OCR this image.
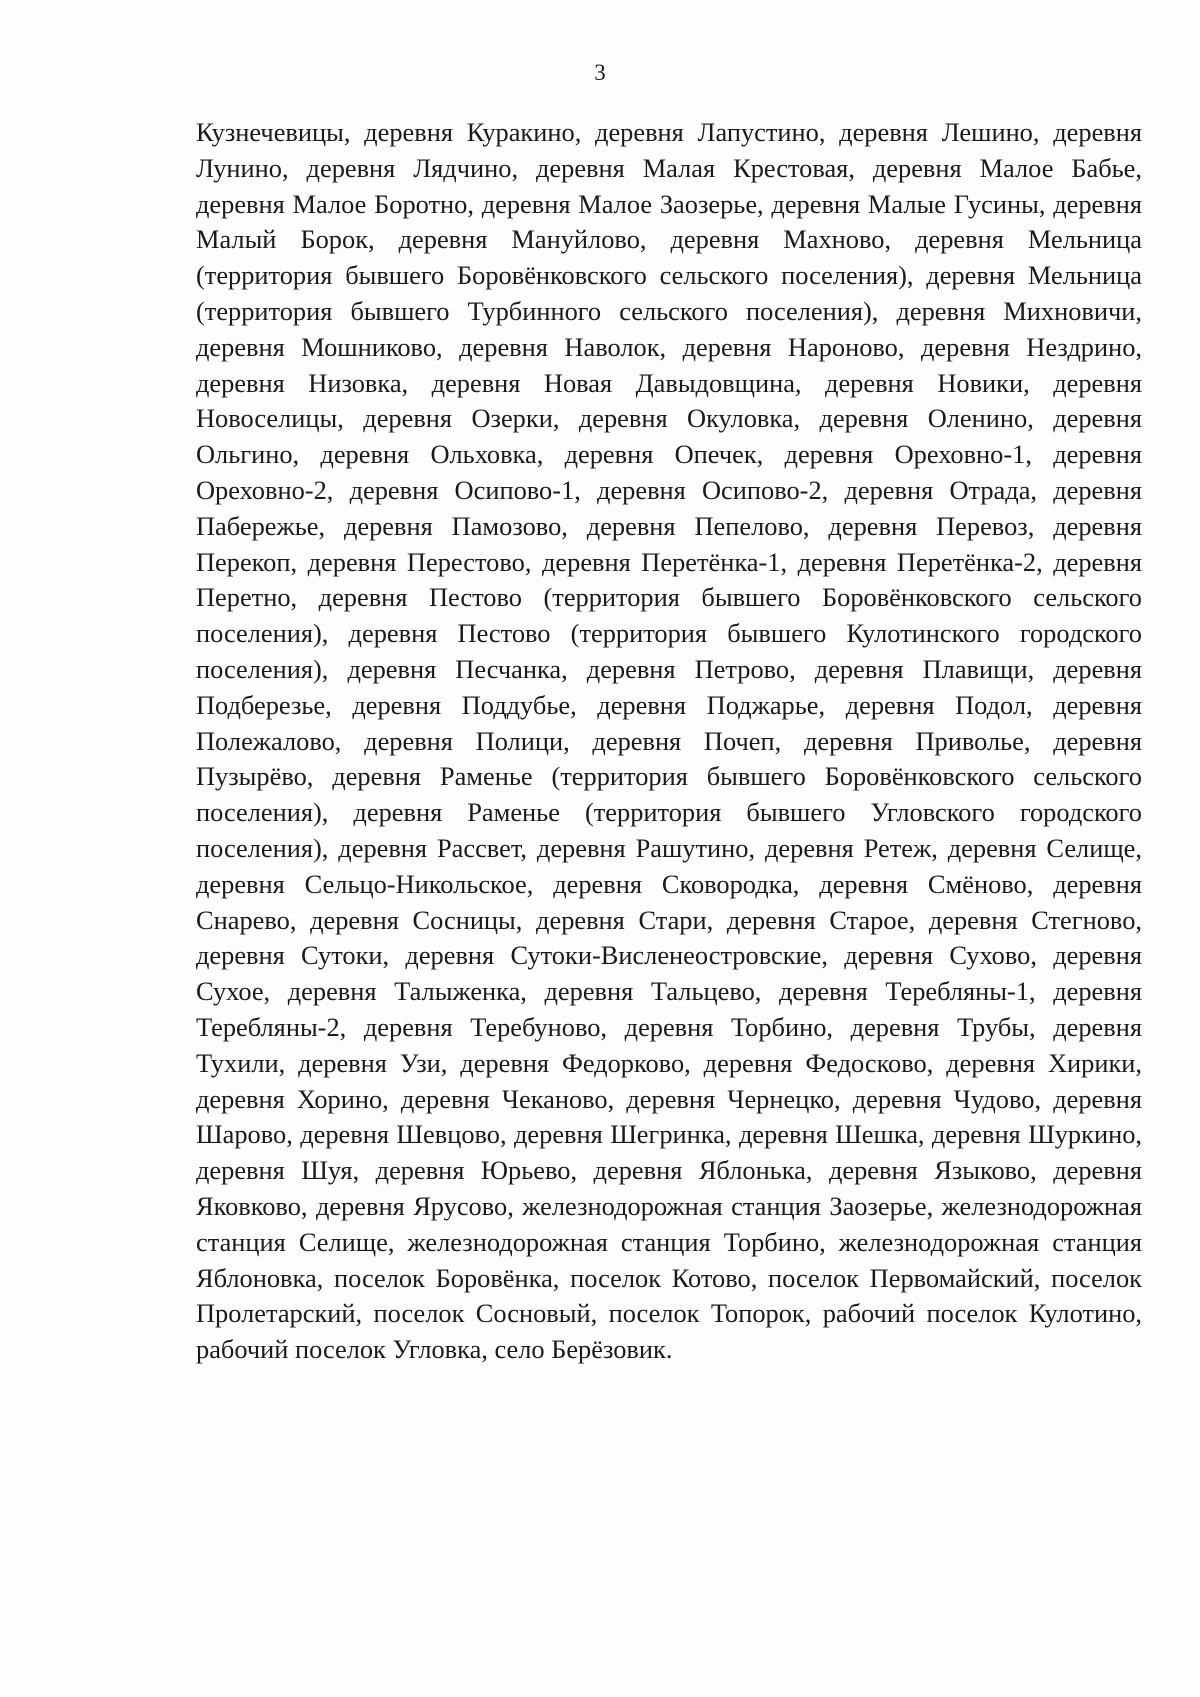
3

Кузнечевицы, деревня Куракино, деревня Лапустино, деревня Лешино, деревня Лунино, деревня Лядчино, деревня Малая Крестовая, деревня Малое Бабье, деревня Малое Боротно, деревня Малое Заозерье, деревня Малые Гусины, деревня Малый Борок, деревня Мануйлово, деревня Махново, деревня Мельница (территория бывшего Боровёнковского сельского поселения), деревня Мельница (территория бывшего Турбинного сельского поселения), деревня Михновичи, деревня Мошниково, деревня Наволок, деревня Нароново, деревня Нездрино, деревня Низовка, деревня Новая Давыдовщина, деревня Новики, деревня Новоселицы, деревня Озерки, деревня Окуловка, деревня Оленино, деревня Ольгино, деревня Ольховка, деревня Опечек, деревня Ореховно-1, деревня Ореховно-2, деревня Осипово-1, деревня Осипово-2, деревня Отрада, деревня Паберeжье, деревня Памозово, деревня Пепелово, деревня Перевоз, деревня Перекоп, деревня Перестово, деревня Перетёнка-1, деревня Перетёнка-2, деревня Перетно, деревня Пестово (территория бывшего Боровёнковского сельского поселения), деревня Пестово (территория бывшего Кулотинского городского поселения), деревня Песчанка, деревня Петрово, деревня Плавищи, деревня Подберезье, деревня Поддубье, деревня Поджарье, деревня Подол, деревня Полежалово, деревня Полици, деревня Почеп, деревня Приволье, деревня Пузырёво, деревня Раменье (территория бывшего Боровёнковского сельского поселения), деревня Раменье (территория бывшего Угловского городского поселения), деревня Рассвет, деревня Рашутино, деревня Ретеж, деревня Селище, деревня Сельцо-Никольское, деревня Сковородка, деревня Смёново, деревня Снарево, деревня Сосницы, деревня Стари, деревня Старое, деревня Стегново, деревня Сутоки, деревня Сутоки-Висленеостровские, деревня Сухово, деревня Сухое, деревня Талыженка, деревня Тальцево, деревня Теребляны-1, деревня Теребляны-2, деревня Теребуново, деревня Торбино, деревня Трубы, деревня Тухили, деревня Узи, деревня Федорково, деревня Федосково, деревня Хирики, деревня Хорино, деревня Чеканово, деревня Чернецко, деревня Чудово, деревня Шарово, деревня Шевцово, деревня Шегринка, деревня Шешка, деревня Шуркино, деревня Шуя, деревня Юрьево, деревня Яблонька, деревня Языково, деревня Яковково, деревня Ярусово, железнодорожная станция Заозерье, железнодорожная станция Селище, железнодорожная станция Торбино, железнодорожная станция Яблоновка, поселок Боровёнка, поселок Котово, поселок Первомайский, поселок Пролетарский, поселок Сосновый, поселок Топорок, рабочий поселок Кулотино, рабочий поселок Угловка, село Берёзовик.
